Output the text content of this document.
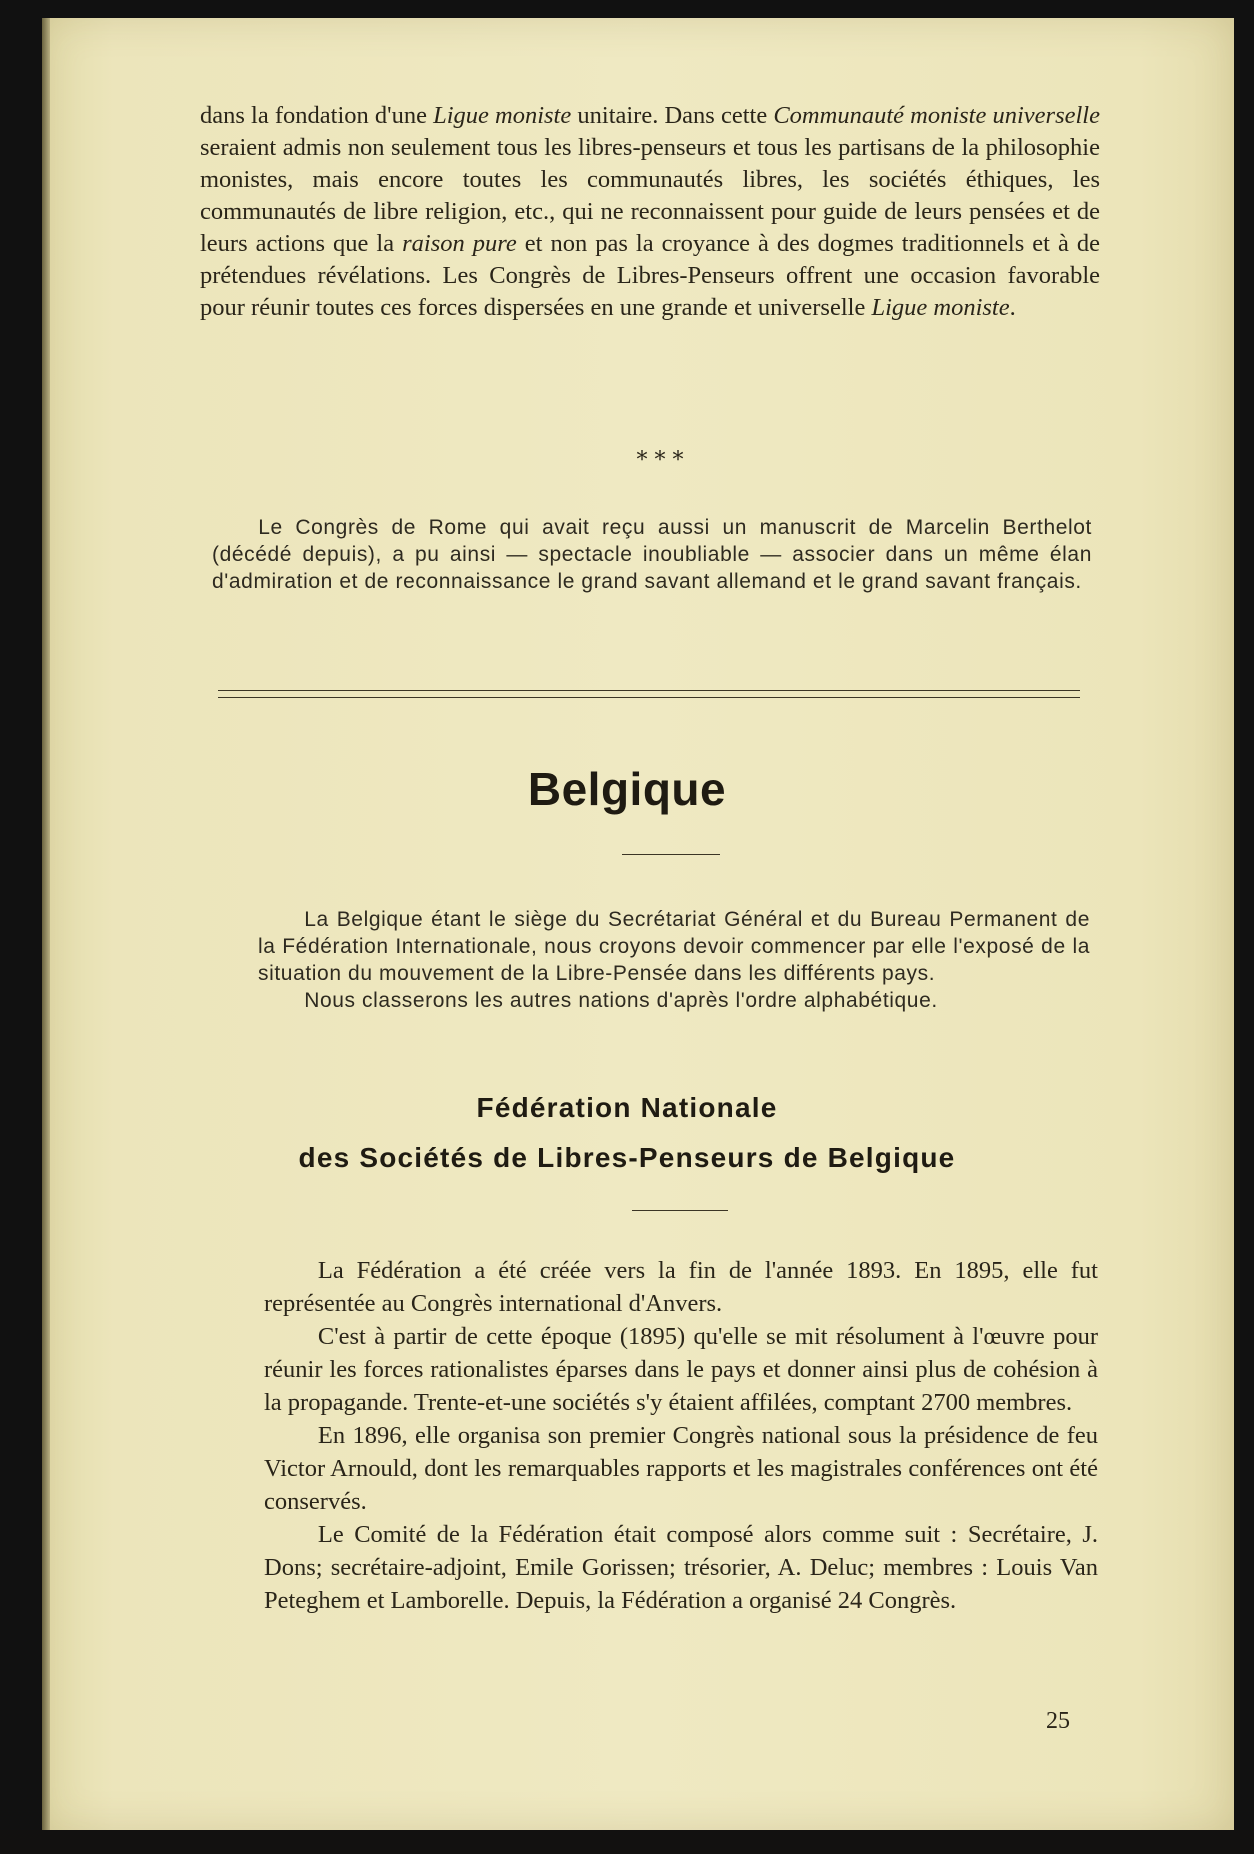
dans la fondation d'une Ligue moniste unitaire. Dans cette Communauté moniste universelle seraient admis non seulement tous les libres-penseurs et tous les partisans de la philosophie monistes, mais encore toutes les communautés libres, les sociétés éthiques, les communautés de libre religion, etc., qui ne reconnaissent pour guide de leurs pensées et de leurs actions que la raison pure et non pas la croyance à des dogmes traditionnels et à de prétendues révélations. Les Congrès de Libres-Penseurs offrent une occasion favorable pour réunir toutes ces forces dispersées en une grande et universelle Ligue moniste.

* * *

Le Congrès de Rome qui avait reçu aussi un manuscrit de Marcelin Berthelot (décédé depuis), a pu ainsi — spectacle inoubliable — associer dans un même élan d'admiration et de reconnaissance le grand savant allemand et le grand savant français.

Belgique

La Belgique étant le siège du Secrétariat Général et du Bureau Permanent de la Fédération Internationale, nous croyons devoir commencer par elle l'exposé de la situation du mouvement de la Libre-Pensée dans les différents pays.

Nous classerons les autres nations d'après l'ordre alphabétique.

Fédération Nationale
des Sociétés de Libres-Penseurs de Belgique

La Fédération a été créée vers la fin de l'année 1893. En 1895, elle fut représentée au Congrès international d'Anvers.

C'est à partir de cette époque (1895) qu'elle se mit résolument à l'œuvre pour réunir les forces rationalistes éparses dans le pays et donner ainsi plus de cohésion à la propagande. Trente-et-une sociétés s'y étaient affilées, comptant 2700 membres.

En 1896, elle organisa son premier Congrès national sous la présidence de feu Victor Arnould, dont les remarquables rapports et les magistrales conférences ont été conservés.

Le Comité de la Fédération était composé alors comme suit : Secrétaire, J. Dons; secrétaire-adjoint, Emile Gorissen; trésorier, A. Deluc; membres : Louis Van Peteghem et Lamborelle. Depuis, la Fédération a organisé 24 Congrès.

25
